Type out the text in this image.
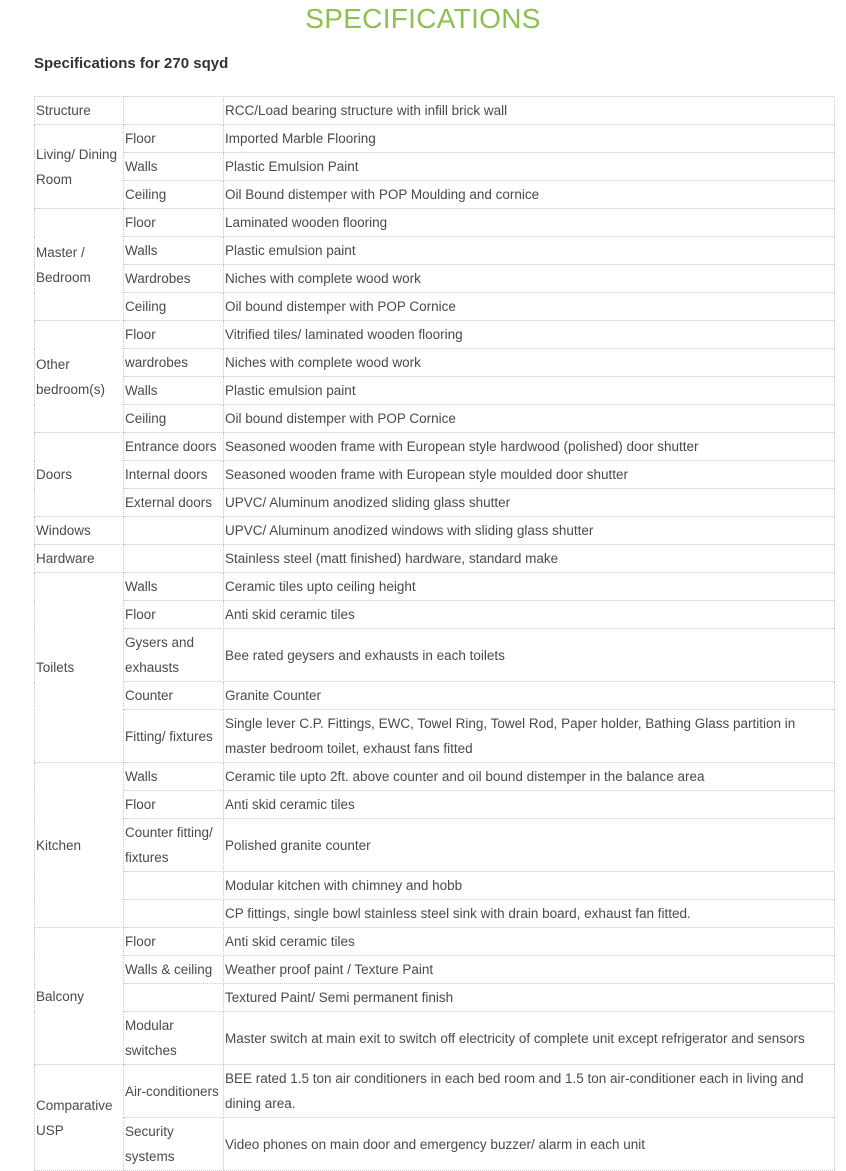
SPECIFICATIONS
Specifications for 270 sqyd
Structure		RCC/Load bearing structure with infill brick wall
Living/ Dining Room	Floor	Imported Marble Flooring
	Walls	Plastic Emulsion Paint
	Ceiling	Oil Bound distemper with POP Moulding and cornice
Master / Bedroom	Floor	Laminated wooden flooring
	Walls	Plastic emulsion paint
	Wardrobes	Niches with complete wood work
	Ceiling	Oil bound distemper with POP Cornice
Other bedroom(s)	Floor	Vitrified tiles/ laminated wooden flooring
	wardrobes	Niches with complete wood work
	Walls	Plastic emulsion paint
	Ceiling	Oil bound distemper with POP Cornice
Doors	Entrance doors	Seasoned wooden frame with European style hardwood (polished) door shutter
	Internal doors	Seasoned wooden frame with European style moulded door shutter
	External doors	UPVC/ Aluminum anodized sliding glass shutter
Windows		UPVC/ Aluminum anodized windows with sliding glass shutter
Hardware		Stainless steel (matt finished) hardware, standard make
Toilets	Walls	Ceramic tiles upto ceiling height
	Floor	Anti skid ceramic tiles
	Gysers and exhausts	Bee rated geysers and exhausts in each toilets
	Counter	Granite Counter
	Fitting/ fixtures	Single lever C.P. Fittings, EWC, Towel Ring, Towel Rod, Paper holder, Bathing Glass partition in master bedroom toilet, exhaust fans fitted
Kitchen	Walls	Ceramic tile upto 2ft. above counter and oil bound distemper in the balance area
	Floor	Anti skid ceramic tiles
	Counter fitting/ fixtures	Polished granite counter
		Modular kitchen with chimney and hobb
		CP fittings, single bowl stainless steel sink with drain board, exhaust fan fitted.
Balcony	Floor	Anti skid ceramic tiles
	Walls & ceiling	Weather proof paint / Texture Paint
		Textured Paint/ Semi permanent finish
	Modular switches	Master switch at main exit to switch off electricity of complete unit except refrigerator and sensors
Comparative USP	Air-conditioners	BEE rated 1.5 ton air conditioners in each bed room and 1.5 ton air-conditioner each in living and dining area.
	Security systems	Video phones on main door and emergency buzzer/ alarm in each unit
